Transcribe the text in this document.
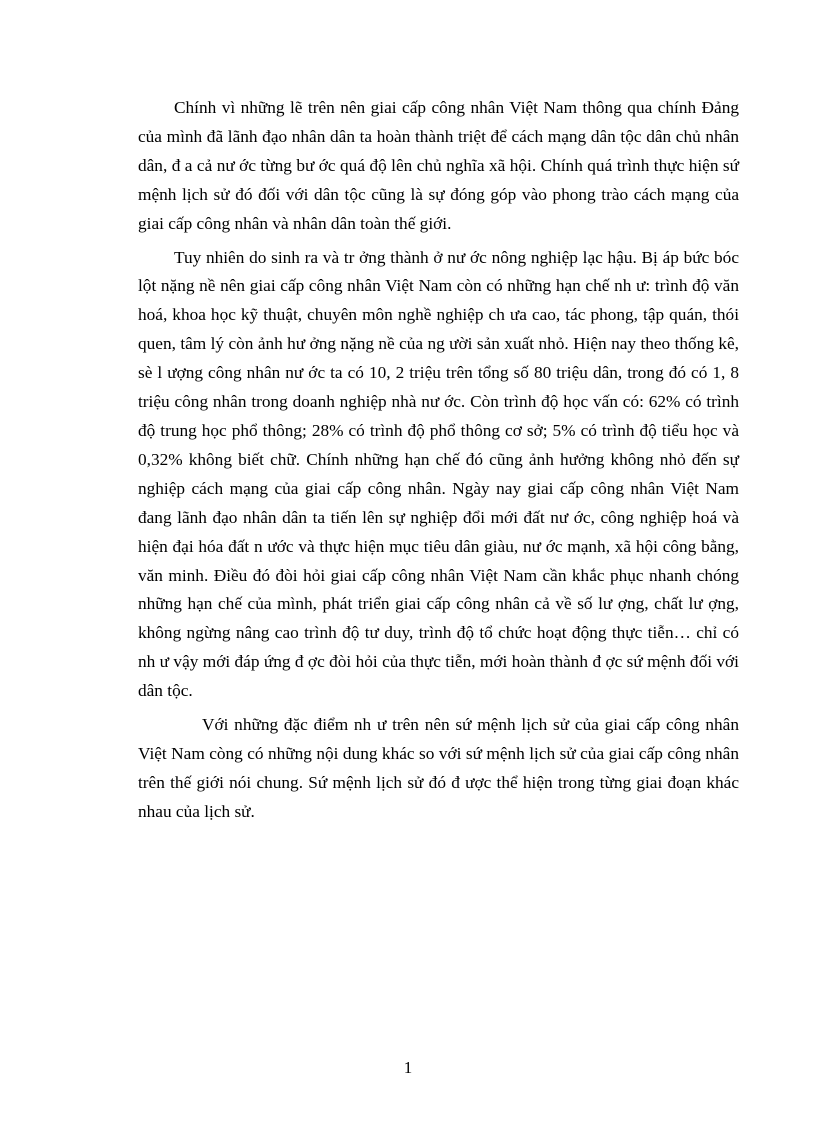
Chính vì những lẽ trên nên giai cấp công nhân Việt Nam thông qua chính Đảng của mình đã lãnh đạo nhân dân ta hoàn thành triệt để cách mạng dân tộc dân chủ nhân dân, đ a cả nư ớc từng bư ớc quá độ lên chủ nghĩa xã hội. Chính quá trình thực hiện sứ mệnh lịch sử đó đối với dân tộc cũng là sự đóng góp vào phong trào cách mạng của giai cấp công nhân và nhân dân toàn thế giới.

Tuy nhiên do sinh ra và tr ởng thành ở nư ớc nông nghiệp lạc hậu. Bị áp bức bóc lột nặng nề nên giai cấp công nhân Việt Nam còn có những hạn chế nh ư: trình độ văn hoá, khoa học kỹ thuật, chuyên môn nghề nghiệp ch ưa cao, tác phong, tập quán, thói quen, tâm lý còn ảnh hư ởng nặng nề của ng ười sản xuất nhỏ. Hiện nay theo thống kê, sè l ượng công nhân nư ớc ta có 10, 2 triệu trên tổng số 80 triệu dân, trong đó có 1, 8 triệu công nhân trong doanh nghiệp nhà nư ớc. Còn trình độ học vấn có: 62% có trình độ trung học phổ thông; 28% có trình độ phổ thông cơ sở; 5% có trình độ tiểu học và 0,32% không biết chữ. Chính những hạn chế đó cũng ảnh hưởng không nhỏ đến sự nghiệp cách mạng của giai cấp công nhân. Ngày nay giai cấp công nhân Việt Nam đang lãnh đạo nhân dân ta tiến lên sự nghiệp đổi mới đất nư ớc, công nghiệp hoá và hiện đại hóa đất n ước và thực hiện mục tiêu dân giàu, nư ớc mạnh, xã hội công bằng, văn minh. Điều đó đòi hỏi giai cấp công nhân Việt Nam cần khắc phục nhanh chóng những hạn chế của mình, phát triển giai cấp công nhân cả về số lư ợng, chất lư ợng, không ngừng nâng cao trình độ tư duy, trình độ tổ chức hoạt động thực tiễn… chỉ có nh ư vậy mới đáp ứng đ ợc đòi hỏi của thực tiễn, mới hoàn thành đ ợc sứ mệnh đối với dân tộc.

Với những đặc điểm nh ư trên nên sứ mệnh lịch sử của giai cấp công nhân Việt Nam còng có những nội dung khác so với sứ mệnh lịch sử của giai cấp công nhân trên thế giới nói chung. Sứ mệnh lịch sử đó đ ược thể hiện trong từng giai đoạn khác nhau của lịch sử.

1
